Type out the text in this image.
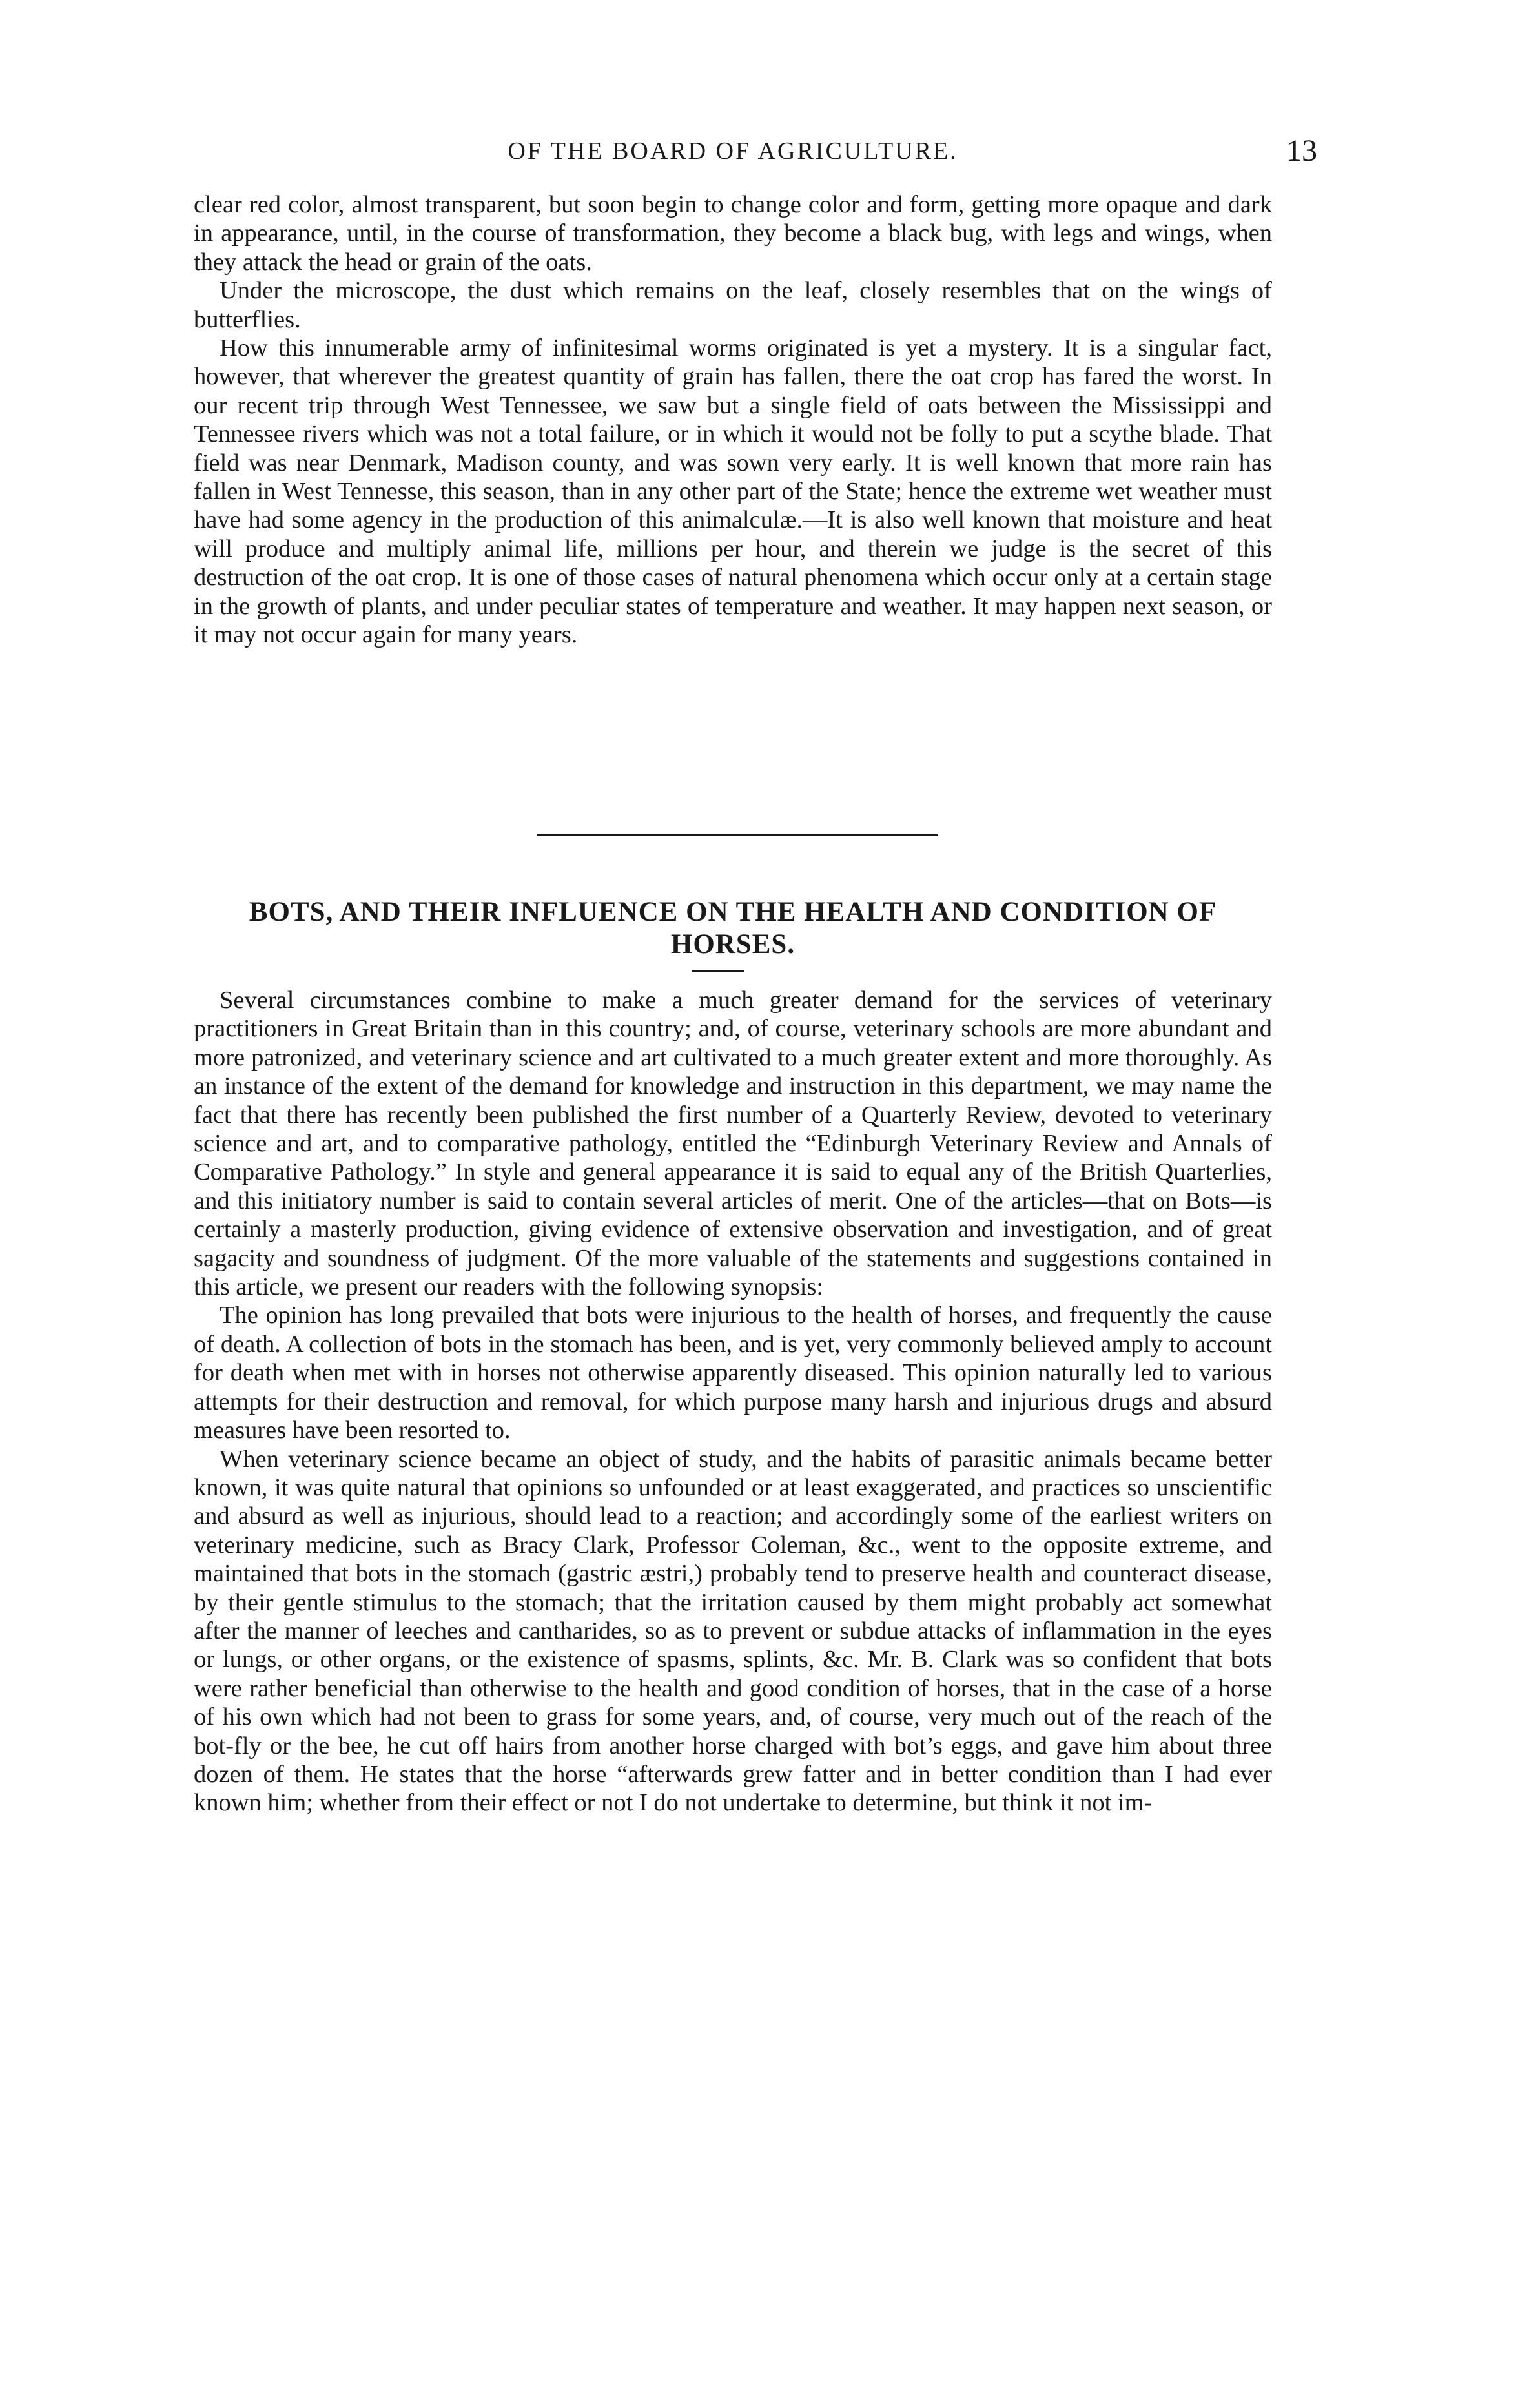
OF THE BOARD OF AGRICULTURE.	13

clear red color, almost transparent, but soon begin to change color and form, getting more opaque and dark in appearance, until, in the course of transformation, they become a black bug, with legs and wings, when they attack the head or grain of the oats.

Under the microscope, the dust which remains on the leaf, closely resembles that on the wings of butterflies.

How this innumerable army of infinitesimal worms originated is yet a mystery. It is a singular fact, however, that wherever the greatest quantity of grain has fallen, there the oat crop has fared the worst. In our recent trip through West Tennessee, we saw but a single field of oats between the Mississippi and Tennessee rivers which was not a total failure, or in which it would not be folly to put a scythe blade. That field was near Denmark, Madison county, and was sown very early. It is well known that more rain has fallen in West Tennesse, this season, than in any other part of the State; hence the extreme wet weather must have had some agency in the production of this animalculæ.—It is also well known that moisture and heat will produce and multiply animal life, millions per hour, and therein we judge is the secret of this destruction of the oat crop. It is one of those cases of natural phenomena which occur only at a certain stage in the growth of plants, and under peculiar states of temperature and weather. It may happen next season, or it may not occur again for many years.

BOTS, AND THEIR INFLUENCE ON THE HEALTH AND CONDITION OF HORSES.

Several circumstances combine to make a much greater demand for the services of veterinary practitioners in Great Britain than in this country; and, of course, veterinary schools are more abundant and more patronized, and veterinary science and art cultivated to a much greater extent and more thoroughly. As an instance of the extent of the demand for knowledge and instruction in this department, we may name the fact that there has recently been published the first number of a Quarterly Review, devoted to veterinary science and art, and to comparative pathology, entitled the “Edinburgh Veterinary Review and Annals of Comparative Pathology.” In style and general appearance it is said to equal any of the British Quarterlies, and this initiatory number is said to contain several articles of merit. One of the articles—that on Bots—is certainly a masterly production, giving evidence of extensive observation and investigation, and of great sagacity and soundness of judgment. Of the more valuable of the statements and suggestions contained in this article, we present our readers with the following synopsis:

The opinion has long prevailed that bots were injurious to the health of horses, and frequently the cause of death. A collection of bots in the stomach has been, and is yet, very commonly believed amply to account for death when met with in horses not otherwise apparently diseased. This opinion naturally led to various attempts for their destruction and removal, for which purpose many harsh and injurious drugs and absurd measures have been resorted to.

When veterinary science became an object of study, and the habits of parasitic animals became better known, it was quite natural that opinions so unfounded or at least exaggerated, and practices so unscientific and absurd as well as injurious, should lead to a reaction; and accordingly some of the earliest writers on veterinary medicine, such as Bracy Clark, Professor Coleman, &c., went to the opposite extreme, and maintained that bots in the stomach (gastric æstri,) probably tend to preserve health and counteract disease, by their gentle stimulus to the stomach; that the irritation caused by them might probably act somewhat after the manner of leeches and cantharides, so as to prevent or subdue attacks of inflammation in the eyes or lungs, or other organs, or the existence of spasms, splints, &c. Mr. B. Clark was so confident that bots were rather beneficial than otherwise to the health and good condition of horses, that in the case of a horse of his own which had not been to grass for some years, and, of course, very much out of the reach of the bot-fly or the bee, he cut off hairs from another horse charged with bot’s eggs, and gave him about three dozen of them. He states that the horse “afterwards grew fatter and in better condition than I had ever known him; whether from their effect or not I do not undertake to determine, but think it not im-
